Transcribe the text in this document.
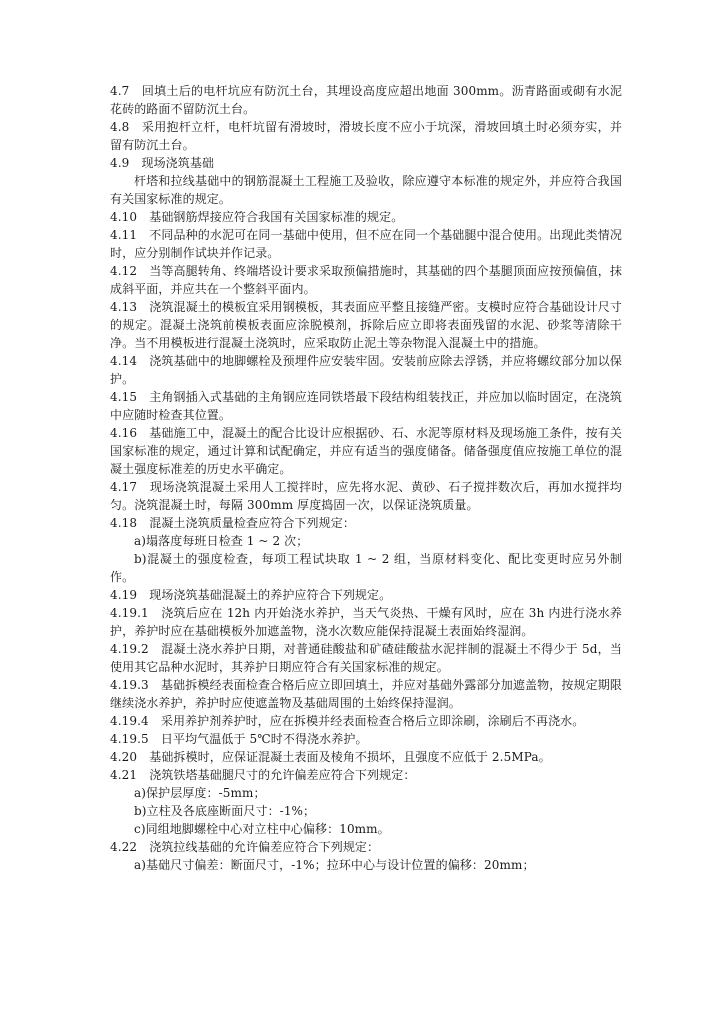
4.7　回填土后的电杆坑应有防沉土台，其埋设高度应超出地面 300mm。沥青路面或砌有水泥花砖的路面不留防沉土台。

4.8　采用抱杆立杆，电杆坑留有滑坡时，滑坡长度不应小于坑深，滑坡回填土时必须夯实，并留有防沉土台。

4.9　现场浇筑基础

杆塔和拉线基础中的钢筋混凝土工程施工及验收，除应遵守本标准的规定外，并应符合我国有关国家标准的规定。

4.10　基础钢筋焊接应符合我国有关国家标准的规定。

4.11　不同品种的水泥可在同一基础中使用，但不应在同一个基础腿中混合使用。出现此类情况时，应分别制作试块并作记录。

4.12　当等高腿转角、终端塔设计要求采取预偏措施时，其基础的四个基腿顶面应按预偏值，抹成斜平面，并应共在一个整斜平面内。

4.13　浇筑混凝土的模板宜采用钢模板，其表面应平整且接缝严密。支模时应符合基础设计尺寸的规定。混凝土浇筑前模板表面应涂脱模剂，拆除后应立即将表面残留的水泥、砂浆等清除干净。当不用模板进行混凝土浇筑时，应采取防止泥土等杂物混入混凝土中的措施。

4.14　浇筑基础中的地脚螺栓及预埋件应安装牢固。安装前应除去浮锈，并应将螺纹部分加以保护。

4.15　主角钢插入式基础的主角钢应连同铁塔最下段结构组装找正，并应加以临时固定，在浇筑中应随时检查其位置。

4.16　基础施工中，混凝土的配合比设计应根据砂、石、水泥等原材料及现场施工条件，按有关国家标准的规定，通过计算和试配确定，并应有适当的强度储备。储备强度值应按施工单位的混凝土强度标准差的历史水平确定。

4.17　现场浇筑混凝土采用人工搅拌时，应先将水泥、黄砂、石子搅拌数次后，再加水搅拌均匀。浇筑混凝土时，每隔 300mm 厚度捣固一次，以保证浇筑质量。

4.18　混凝土浇筑质量检查应符合下列规定：

a)塌落度每班日检查 1 ~ 2 次；

b)混凝土的强度检查，每项工程试块取 1 ~ 2 组，当原材料变化、配比变更时应另外制作。

4.19　现场浇筑基础混凝土的养护应符合下列规定。

4.19.1　浇筑后应在 12h 内开始浇水养护，当天气炎热、干燥有风时，应在 3h 内进行浇水养护，养护时应在基础模板外加遮盖物，浇水次数应能保持混凝土表面始终湿润。

4.19.2　混凝土浇水养护日期，对普通硅酸盐和矿碴硅酸盐水泥拌制的混凝土不得少于 5d，当使用其它品种水泥时，其养护日期应符合有关国家标准的规定。

4.19.3　基础拆模经表面检查合格后应立即回填土，并应对基础外露部分加遮盖物，按规定期限继续浇水养护，养护时应使遮盖物及基础周围的土始终保持湿润。

4.19.4　采用养护剂养护时，应在拆模并经表面检查合格后立即涂刷，涂刷后不再浇水。

4.19.5　日平均气温低于 5℃时不得浇水养护。

4.20　基础拆模时，应保证混凝土表面及棱角不损坏，且强度不应低于 2.5MPa。

4.21　浇筑铁塔基础腿尺寸的允许偏差应符合下列规定：

a)保护层厚度：-5mm；

b)立柱及各底座断面尺寸：-1%；

c)同组地脚螺栓中心对立柱中心偏移：10mm。

4.22　浇筑拉线基础的允许偏差应符合下列规定：

a)基础尺寸偏差：断面尺寸，-1%；拉环中心与设计位置的偏移：20mm；
